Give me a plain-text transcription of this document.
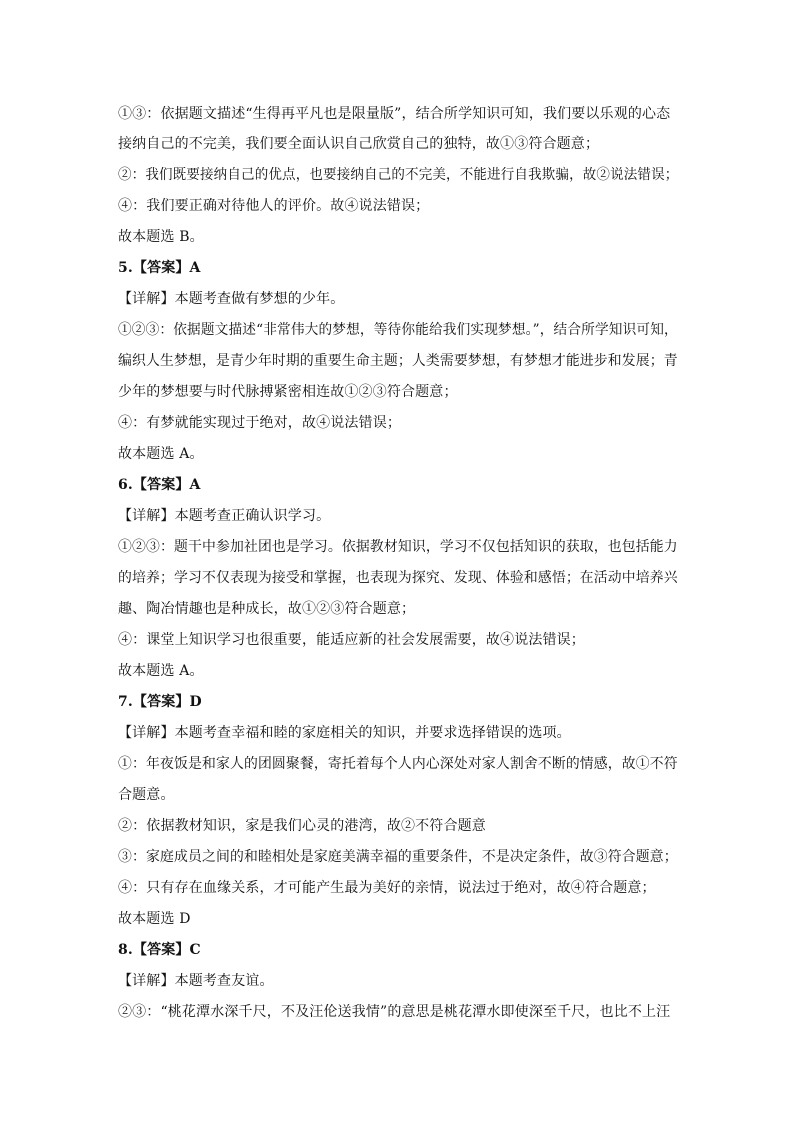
①③：依据题文描述“生得再平凡也是限量版”，结合所学知识可知，我们要以乐观的心态
接纳自己的不完美，我们要全面认识自己欣赏自己的独特，故①③符合题意；
②：我们既要接纳自己的优点，也要接纳自己的不完美，不能进行自我欺骗，故②说法错误；
④：我们要正确对待他人的评价。故④说法错误；
故本题选 B。
5.【答案】A
【详解】本题考查做有梦想的少年。
①②③：依据题文描述“非常伟大的梦想，等待你能给我们实现梦想。”，结合所学知识可知，
编织人生梦想，是青少年时期的重要生命主题；人类需要梦想，有梦想才能进步和发展；青
少年的梦想要与时代脉搏紧密相连故①②③符合题意；
④：有梦就能实现过于绝对，故④说法错误；
故本题选 A。
6.【答案】A
【详解】本题考查正确认识学习。
①②③：题干中参加社团也是学习。依据教材知识，学习不仅包括知识的获取，也包括能力
的培养；学习不仅表现为接受和掌握，也表现为探究、发现、体验和感悟；在活动中培养兴
趣、陶冶情趣也是种成长，故①②③符合题意；
④：课堂上知识学习也很重要，能适应新的社会发展需要，故④说法错误；
故本题选 A。
7.【答案】D
【详解】本题考查幸福和睦的家庭相关的知识，并要求选择错误的选项。
①：年夜饭是和家人的团圆聚餐，寄托着每个人内心深处对家人割舍不断的情感，故①不符
合题意。
②：依据教材知识，家是我们心灵的港湾，故②不符合题意
③：家庭成员之间的和睦相处是家庭美满幸福的重要条件，不是决定条件，故③符合题意；
④：只有存在血缘关系，才可能产生最为美好的亲情，说法过于绝对，故④符合题意；
故本题选 D
8.【答案】C
【详解】本题考查友谊。
②③：“桃花潭水深千尺，不及汪伦送我情”的意思是桃花潭水即使深至千尺，也比不上汪
